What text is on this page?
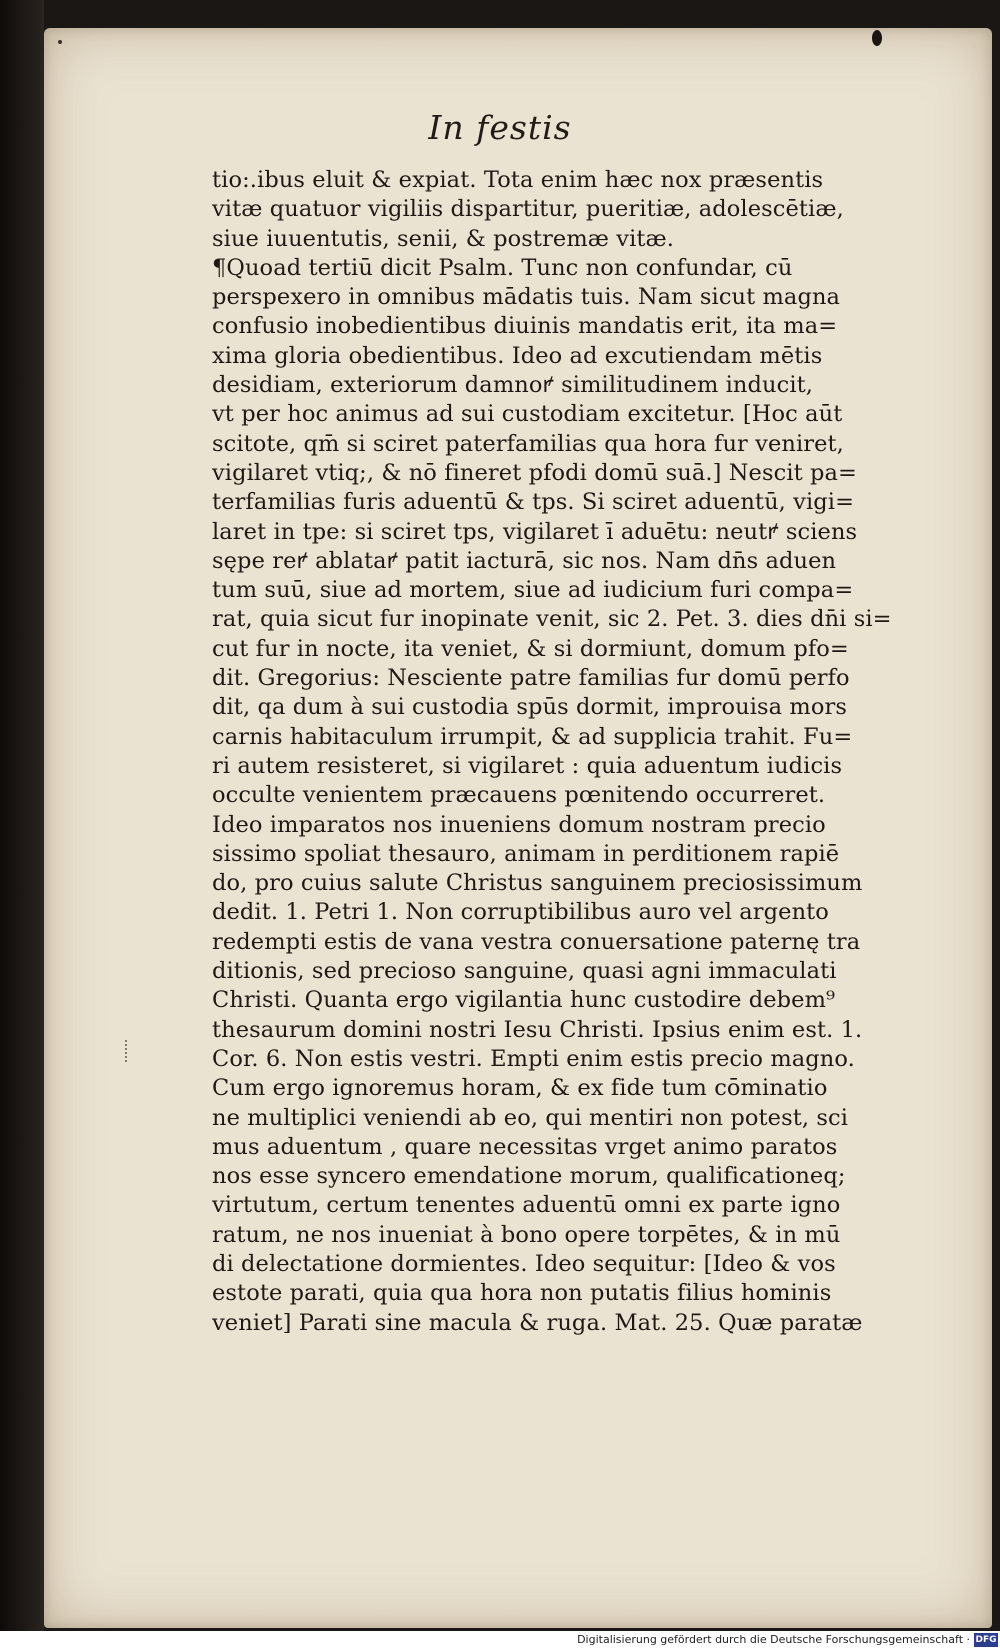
In festis
tio:.ibus eluit & expiat. Tota enim hæc nox præsentis
vitæ quatuor vigiliis dispartitur, pueritiæ, adolescētiæ,
siue iuuentutis, senii, & postremæ vitæ.
¶Quoad tertiū dicit Psalm. Tunc non confundar, cū
perspexero in omnibus mādatis tuis. Nam sicut magna
confusio inobedientibus diuinis mandatis erit, ita ma=
xima gloria obedientibus. Ideo ad excutiendam mētis
desidiam, exteriorum damnoꝵ similitudinem inducit,
vt per hoc animus ad sui custodiam excitetur. [Hoc aūt
scitote, qm̄ si sciret paterfamilias qua hora fur veniret,
vigilaret vtiq;, & nō fineret pfodi domū suā.] Nescit pa=
terfamilias furis aduentū & tps. Si sciret aduentū, vigi=
laret in tpe: si sciret tps, vigilaret ī aduētu: neutꝵ sciens
sępe reꝵ ablataꝵ patit iacturā, sic nos. Nam dn̄s aduen
tum suū, siue ad mortem, siue ad iudicium furi compa=
rat, quia sicut fur inopinate venit, sic 2. Pet. 3. dies dn̄i si=
cut fur in nocte, ita veniet, & si dormiunt, domum pfo=
dit. Gregorius: Nesciente patre familias fur domū perfo
dit, qa dum à sui custodia spūs dormit, improuisa mors
carnis habitaculum irrumpit, & ad supplicia trahit. Fu=
ri autem resisteret, si vigilaret : quia aduentum iudicis
occulte venientem præcauens pœnitendo occurreret.
Ideo imparatos nos inueniens domum nostram precio
sissimo spoliat thesauro, animam in perditionem rapiē
do, pro cuius salute Christus sanguinem preciosissimum
dedit. 1. Petri 1. Non corruptibilibus auro vel argento
redempti estis de vana vestra conuersatione paternę tra
ditionis, sed precioso sanguine, quasi agni immaculati
Christi. Quanta ergo vigilantia hunc custodire debem⁹
thesaurum domini nostri Iesu Christi. Ipsius enim est. 1.
Cor. 6. Non estis vestri. Empti enim estis precio magno.
Cum ergo ignoremus horam, & ex fide tum cōminatio
ne multiplici veniendi ab eo, qui mentiri non potest, sci
mus aduentum , quare necessitas vrget animo paratos
nos esse syncero emendatione morum, qualificationeq;
virtutum, certum tenentes aduentū omni ex parte igno
ratum, ne nos inueniat à bono opere torpētes, & in mū
di delectatione dormientes. Ideo sequitur: [Ideo & vos
estote parati, quia qua hora non putatis filius hominis
veniet] Parati sine macula & ruga. Mat. 25. Quæ paratæ
Digitalisierung gefördert durch die Deutsche Forschungsgemeinschaft · DFG
